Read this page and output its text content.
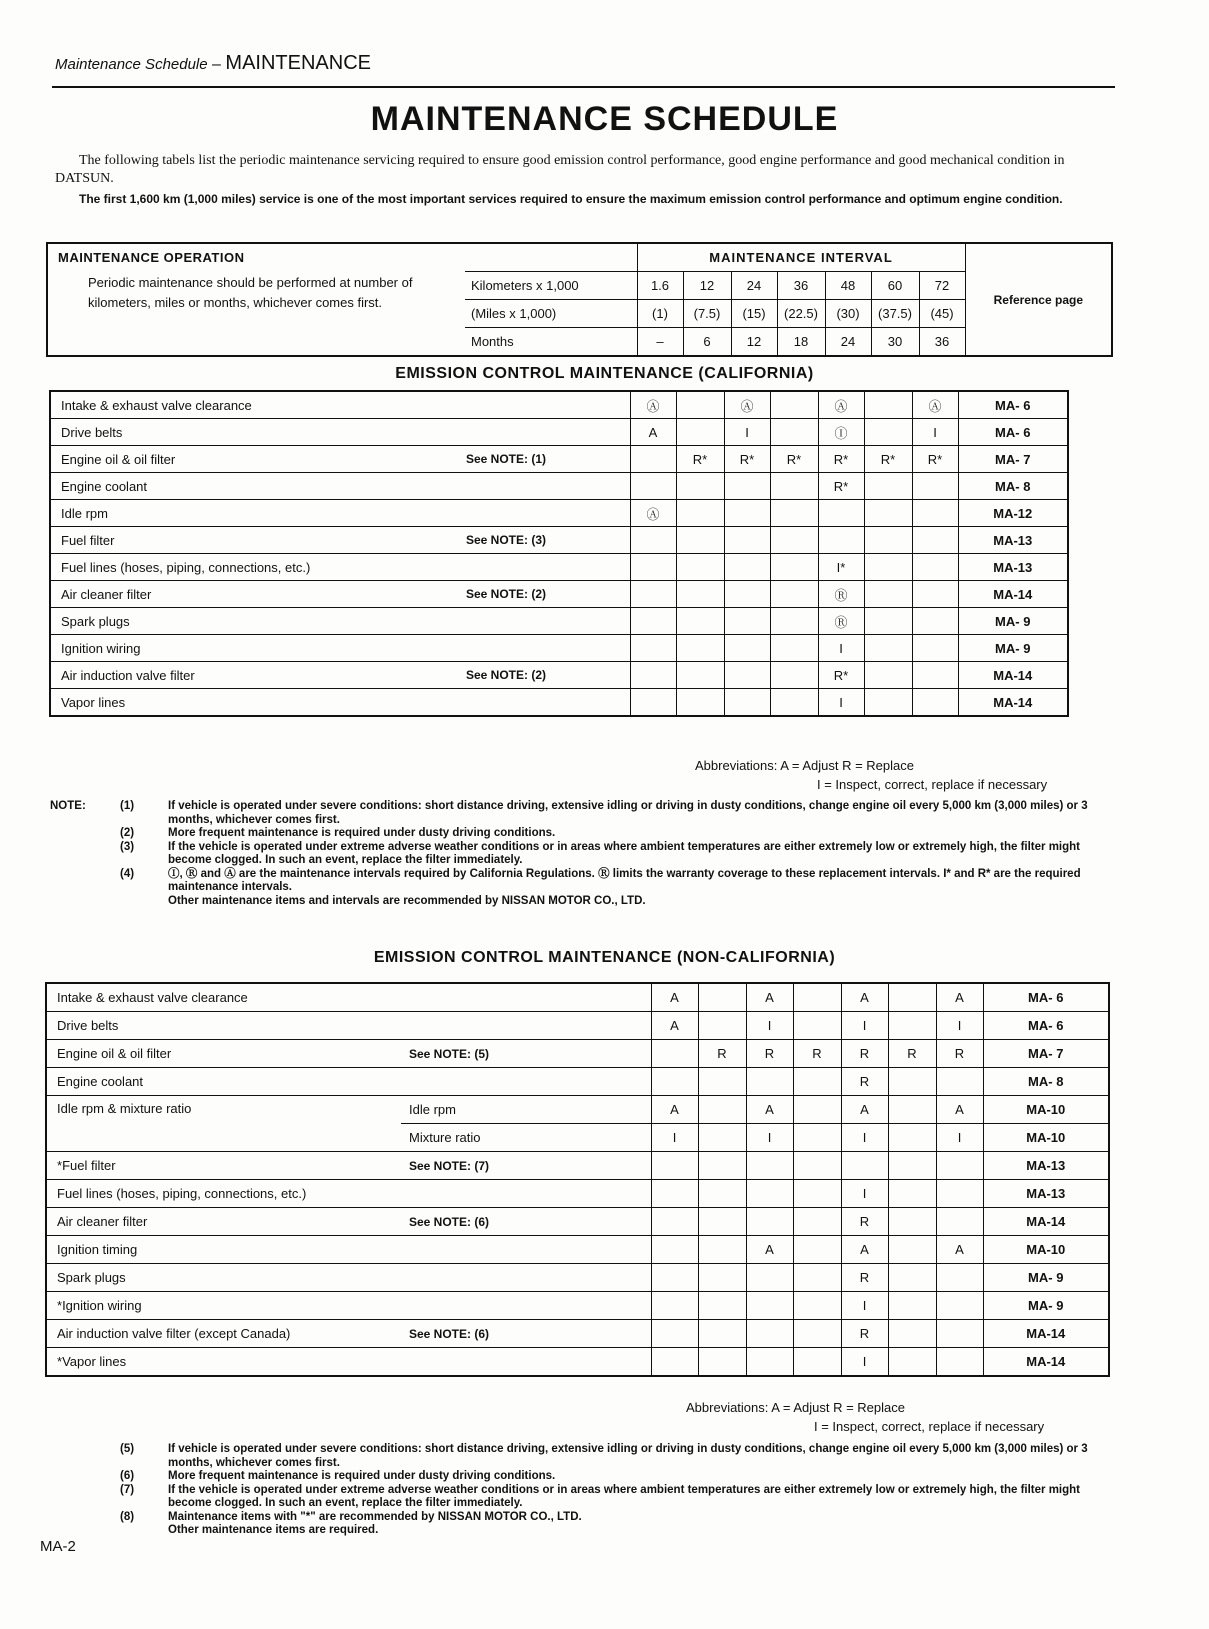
Maintenance Schedule – MAINTENANCE
MAINTENANCE SCHEDULE

The following tabels list the periodic maintenance servicing required to ensure good emission control performance, good engine performance and good mechanical condition in DATSUN.

The first 1,600 km (1,000 miles) service is one of the most important services required to ensure the maximum emission control performance and optimum engine condition.

MAINTENANCE OPERATION
Periodic maintenance should be performed at number of kilometers, miles or months, whichever comes first.		MAINTENANCE INTERVAL							Reference page
	Kilometers x 1,000	1.6	12	24	36	48	60	72	
	(Miles x 1,000)	(1)	(7.5)	(15)	(22.5)	(30)	(37.5)	(45)	
	Months	–	6	12	18	24	30	36	
EMISSION CONTROL MAINTENANCE (CALIFORNIA)
Intake & exhaust valve clearance		Ⓐ		Ⓐ		Ⓐ		Ⓐ	MA- 6
Drive belts		A		I		Ⓘ		I	MA- 6
Engine oil & oil filter	See NOTE: (1)		R*	R*	R*	R*	R*	R*	MA- 7
Engine coolant						R*			MA- 8
Idle rpm		Ⓐ							MA-12
Fuel filter	See NOTE: (3)								MA-13
Fuel lines (hoses, piping, connections, etc.)						I*			MA-13
Air cleaner filter	See NOTE: (2)					Ⓡ			MA-14
Spark plugs						Ⓡ			MA- 9
Ignition wiring						I			MA- 9
Air induction valve filter	See NOTE: (2)					R*			MA-14
Vapor lines						I			MA-14
Abbreviations: A = Adjust R = Replace
I = Inspect, correct, replace if necessary
NOTE:	(1)	If vehicle is operated under severe conditions: short distance driving, extensive idling or driving in dusty conditions, change engine oil every 5,000 km (3,000 miles) or 3 months, whichever comes first.
(2)	More frequent maintenance is required under dusty driving conditions.
(3)	If the vehicle is operated under extreme adverse weather conditions or in areas where ambient temperatures are either extremely low or extremely high, the filter might become clogged. In such an event, replace the filter immediately.
(4)	Ⓘ, Ⓡ and Ⓐ are the maintenance intervals required by California Regulations. Ⓡ limits the warranty coverage to these replacement intervals. I* and R* are the required maintenance intervals.
Other maintenance items and intervals are recommended by NISSAN MOTOR CO., LTD.
EMISSION CONTROL MAINTENANCE (NON-CALIFORNIA)
Intake & exhaust valve clearance		A		A		A		A	MA- 6
Drive belts		A		I		I		I	MA- 6
Engine oil & oil filter	See NOTE: (5)		R	R	R	R	R	R	MA- 7
Engine coolant						R			MA- 8
Idle rpm & mixture ratio	Idle rpm	A		A		A		A	MA-10
	Mixture ratio	I		I		I		I	MA-10
*Fuel filter	See NOTE: (7)								MA-13
Fuel lines (hoses, piping, connections, etc.)						I			MA-13
Air cleaner filter	See NOTE: (6)					R			MA-14
Ignition timing				A		A		A	MA-10
Spark plugs						R			MA- 9
*Ignition wiring						I			MA- 9
Air induction valve filter (except Canada)	See NOTE: (6)					R			MA-14
*Vapor lines						I			MA-14
Abbreviations: A = Adjust R = Replace
I = Inspect, correct, replace if necessary
(5)	If vehicle is operated under severe conditions: short distance driving, extensive idling or driving in dusty conditions, change engine oil every 5,000 km (3,000 miles) or 3 months, whichever comes first.
(6)	More frequent maintenance is required under dusty driving conditions.
(7)	If the vehicle is operated under extreme adverse weather conditions or in areas where ambient temperatures are either extremely low or extremely high, the filter might become clogged. In such an event, replace the filter immediately.
(8)	Maintenance items with "*" are recommended by NISSAN MOTOR CO., LTD.
Other maintenance items are required.
MA-2
